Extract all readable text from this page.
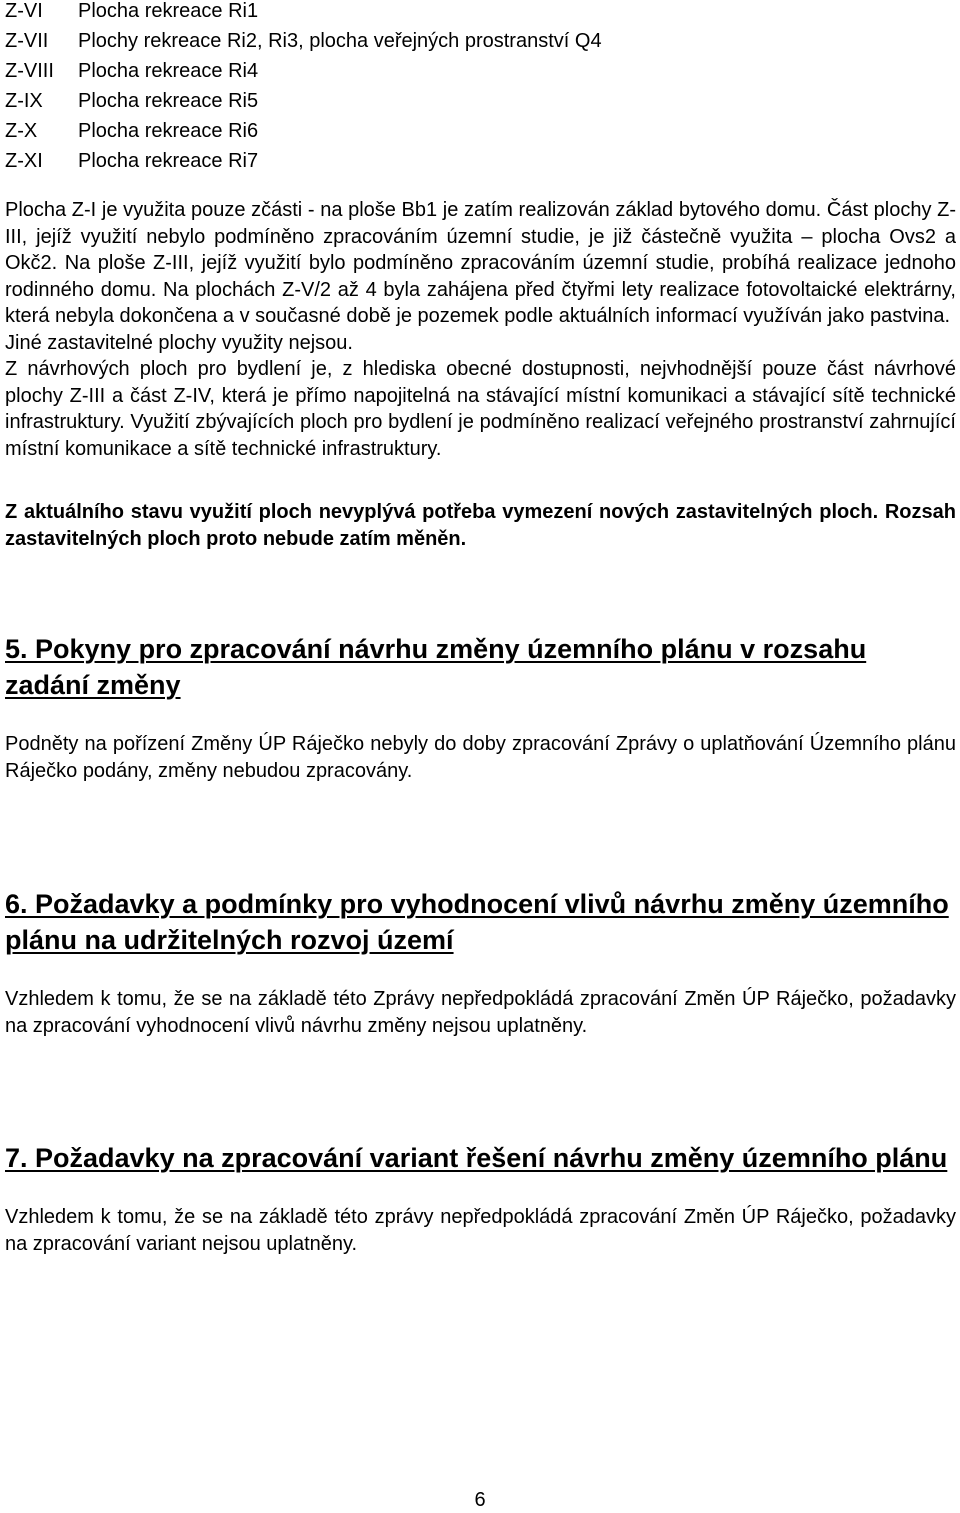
Z-VI	Plocha rekreace Ri1
Z-VII	Plochy rekreace Ri2, Ri3, plocha veřejných prostranství Q4
Z-VIII	Plocha rekreace Ri4
Z-IX	Plocha rekreace Ri5
Z-X	Plocha rekreace Ri6
Z-XI	Plocha rekreace Ri7

Plocha Z-I je využita pouze zčásti - na ploše Bb1 je zatím realizován základ bytového domu. Část plochy Z-III, jejíž využití nebylo podmíněno zpracováním územní studie, je již částečně využita – plocha Ovs2 a Okč2. Na ploše Z-III, jejíž využití bylo podmíněno zpracováním územní studie, probíhá realizace jednoho rodinného domu. Na plochách Z-V/2 až 4 byla zahájena před čtyřmi lety realizace fotovoltaické elektrárny, která nebyla dokončena a v současné době je pozemek podle aktuálních informací využíván jako pastvina.

Jiné zastavitelné plochy využity nejsou.

Z návrhových ploch pro bydlení je, z hlediska obecné dostupnosti, nejvhodnější pouze část návrhové plochy Z-III a část Z-IV, která je přímo napojitelná na stávající místní komunikaci a stávající sítě technické infrastruktury. Využití zbývajících ploch pro bydlení je podmíněno realizací veřejného prostranství zahrnující místní komunikace a sítě technické infrastruktury.

Z aktuálního stavu využití ploch nevyplývá potřeba vymezení nových zastavitelných ploch. Rozsah zastavitelných ploch proto nebude zatím měněn.

5. Pokyny pro zpracování návrhu změny územního plánu v rozsahu zadání změny

Podněty na pořízení Změny ÚP Ráječko nebyly do doby zpracování Zprávy o uplatňování Územního plánu Ráječko podány, změny nebudou zpracovány.

6. Požadavky a podmínky pro vyhodnocení vlivů návrhu změny územního plánu na udržitelných rozvoj území

Vzhledem k tomu, že se na základě této Zprávy nepředpokládá zpracování Změn ÚP Ráječko, požadavky na zpracování vyhodnocení vlivů návrhu změny nejsou uplatněny.

7. Požadavky na zpracování variant řešení návrhu změny územního plánu

Vzhledem k tomu, že se na základě této zprávy nepředpokládá zpracování Změn ÚP Ráječko, požadavky na zpracování variant nejsou uplatněny.

6
